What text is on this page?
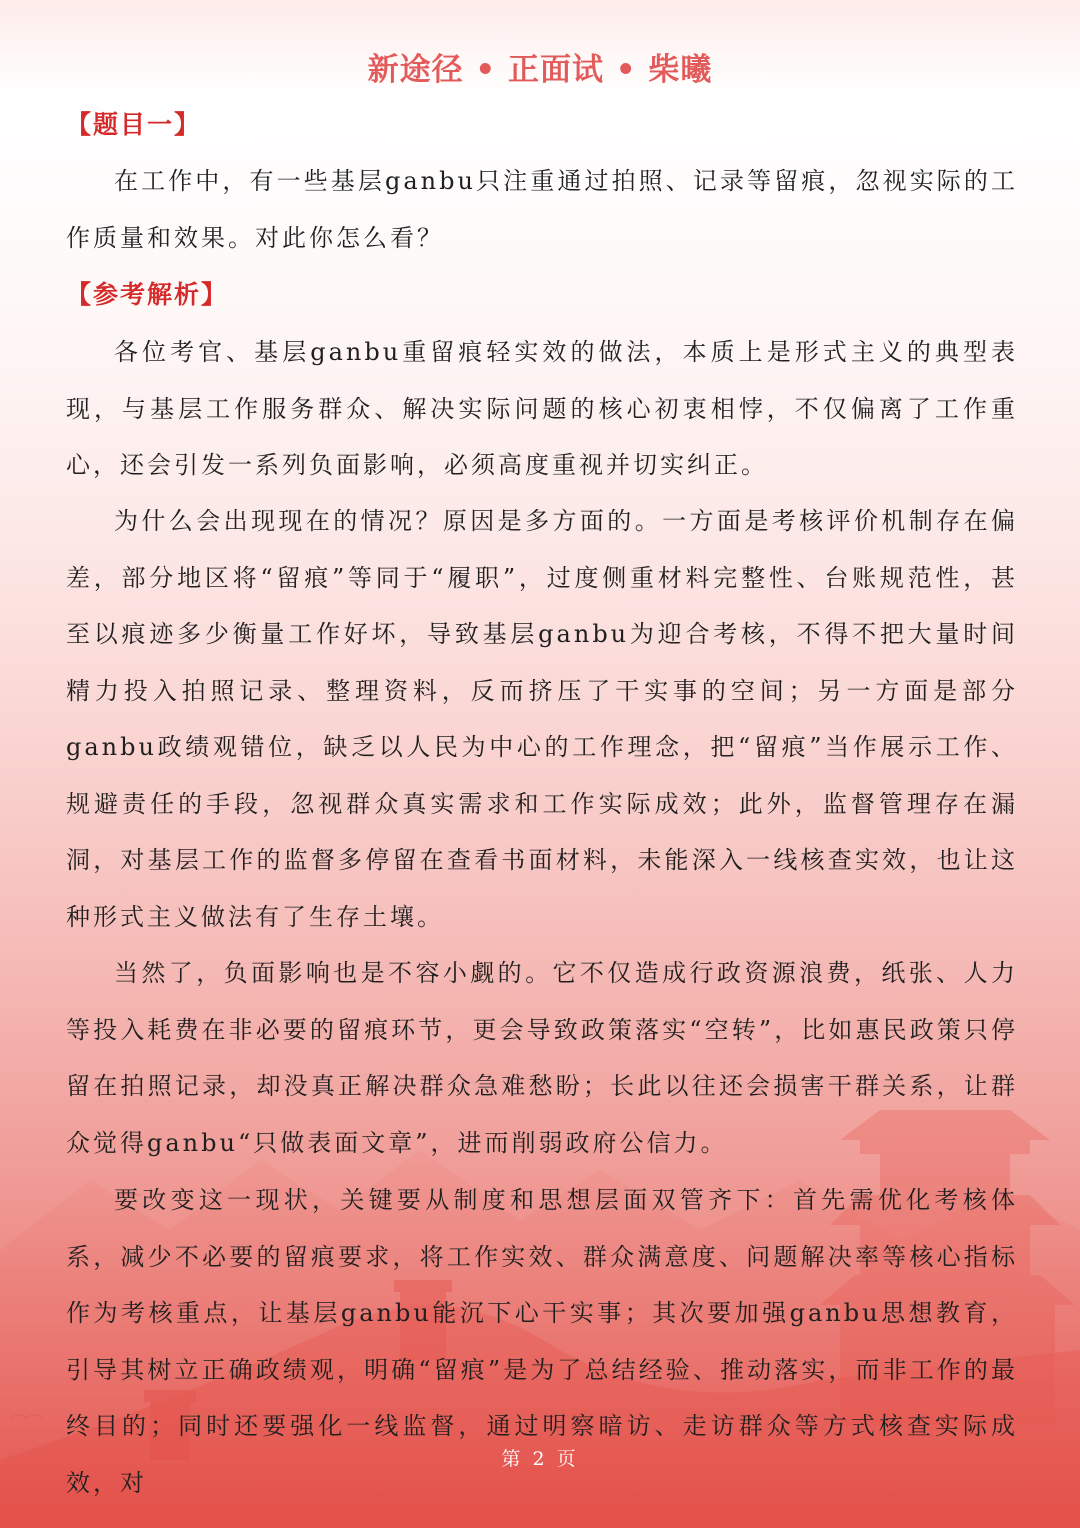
新途径 • 正面试 • 柴曦
【题目一】

在工作中，有一些基层ganbu只注重通过拍照、记录等留痕，忽视实际的工作质量和效果。对此你怎么看？

【参考解析】

各位考官、基层ganbu重留痕轻实效的做法，本质上是形式主义的典型表现，与基层工作服务群众、解决实际问题的核心初衷相悖，不仅偏离了工作重心，还会引发一系列负面影响，必须高度重视并切实纠正。

为什么会出现现在的情况？原因是多方面的。一方面是考核评价机制存在偏差，部分地区将“留痕”等同于“履职”，过度侧重材料完整性、台账规范性，甚至以痕迹多少衡量工作好坏，导致基层ganbu为迎合考核，不得不把大量时间精力投入拍照记录、整理资料，反而挤压了干实事的空间；另一方面是部分ganbu政绩观错位，缺乏以人民为中心的工作理念，把“留痕”当作展示工作、规避责任的手段，忽视群众真实需求和工作实际成效；此外，监督管理存在漏洞，对基层工作的监督多停留在查看书面材料，未能深入一线核查实效，也让这种形式主义做法有了生存土壤。

当然了，负面影响也是不容小觑的。它不仅造成行政资源浪费，纸张、人力等投入耗费在非必要的留痕环节，更会导致政策落实“空转”，比如惠民政策只停留在拍照记录，却没真正解决群众急难愁盼；长此以往还会损害干群关系，让群众觉得ganbu“只做表面文章”，进而削弱政府公信力。

要改变这一现状，关键要从制度和思想层面双管齐下：首先需优化考核体系，减少不必要的留痕要求，将工作实效、群众满意度、问题解决率等核心指标作为考核重点，让基层ganbu能沉下心干实事；其次要加强ganbu思想教育，引导其树立正确政绩观，明确“留痕”是为了总结经验、推动落实，而非工作的最终目的；同时还要强化一线监督，通过明察暗访、走访群众等方式核查实际成效，对

第 2 页
